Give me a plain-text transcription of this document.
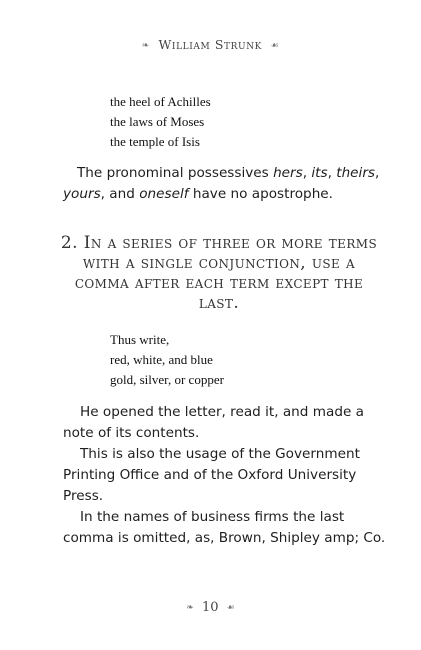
❧ William Strunk ☙
the heel of Achilles
the laws of Moses
the temple of Isis
The pronominal possessives hers, its, theirs, yours, and oneself have no apostrophe.
2. In a series of three or more terms with a single conjunction, use a comma after each term except the last.
Thus write,
red, white, and blue
gold, silver, or copper
He opened the letter, read it, and made a note of its contents.
This is also the usage of the Government Printing Office and of the Oxford University Press.
In the names of business firms the last comma is omitted, as, Brown, Shipley amp; Co.
❧ 10 ☙
